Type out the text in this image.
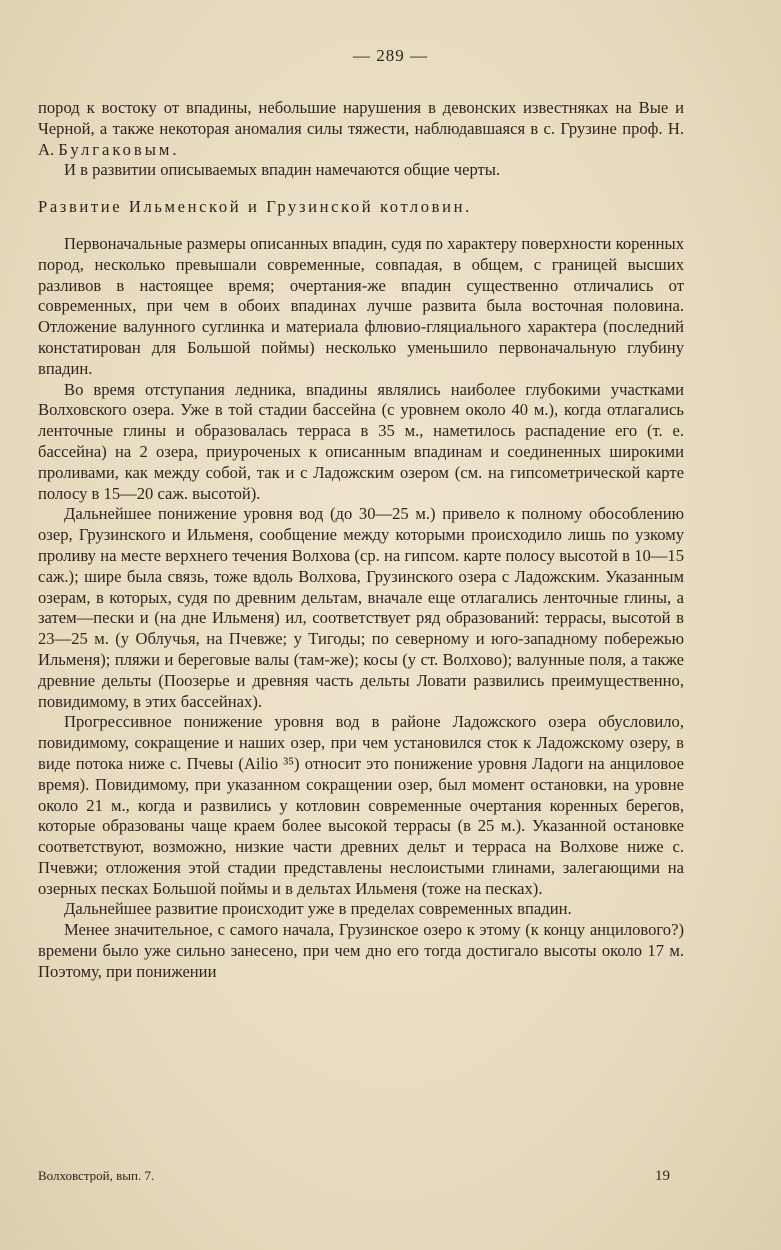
— 289 —

пород к востоку от впадины, небольшие нарушения в девонских известняках на Вые и Черной, а также некоторая аномалия силы тяжести, наблюдавшаяся в с. Грузине проф. Н. А. Булгаковым.

И в развитии описываемых впадин намечаются общие черты.

Развитие Ильменской и Грузинской котловин.

Первоначальные размеры описанных впадин, судя по характеру поверхности коренных пород, несколько превышали современные, совпадая, в общем, с границей высших разливов в настоящее время; очертания-же впадин существенно отличались от современных, при чем в обоих впадинах лучше развита была восточная половина. Отложение валунного суглинка и материала флювио-гляциального характера (последний констатирован для Большой поймы) несколько уменьшило первоначальную глубину впадин.

Во время отступания ледника, впадины являлись наиболее глубокими участками Волховского озера. Уже в той стадии бассейна (с уровнем около 40 м.), когда отлагались ленточные глины и образовалась терраса в 35 м., наметилось распадение его (т. е. бассейна) на 2 озера, приуроченых к описанным впадинам и соединенных широкими проливами, как между собой, так и с Ладожским озером (см. на гипсометрической карте полосу в 15—20 саж. высотой).

Дальнейшее понижение уровня вод (до 30—25 м.) привело к полному обособлению озер, Грузинского и Ильменя, сообщение между которыми происходило лишь по узкому проливу на месте верхнего течения Волхова (ср. на гипсом. карте полосу высотой в 10—15 саж.); шире была связь, тоже вдоль Волхова, Грузинского озера с Ладожским. Указанным озерам, в которых, судя по древним дельтам, вначале еще отлагались ленточные глины, а затем—пески и (на дне Ильменя) ил, соответствует ряд образований: террасы, высотой в 23—25 м. (у Облучья, на Пчевже; у Тигоды; по северному и юго-западному побережью Ильменя); пляжи и береговые валы (там-же); косы (у ст. Волхово); валунные поля, а также древние дельты (Поозерье и древняя часть дельты Ловати развились преимущественно, повидимому, в этих бассейнах).

Прогрессивное понижение уровня вод в районе Ладожского озера обусловило, повидимому, сокращение и наших озер, при чем установился сток к Ладожскому озеру, в виде потока ниже с. Пчевы (Ailio ³⁵) относит это понижение уровня Ладоги на анциловое время). Повидимому, при указанном сокращении озер, был момент остановки, на уровне около 21 м., когда и развились у котловин современные очертания коренных берегов, которые образованы чаще краем более высокой террасы (в 25 м.). Указанной остановке соответствуют, возможно, низкие части древних дельт и терраса на Волхове ниже с. Пчевжи; отложения этой стадии представлены неслоистыми глинами, залегающими на озерных песках Большой поймы и в дельтах Ильменя (тоже на песках).

Дальнейшее развитие происходит уже в пределах современных впадин.

Менее значительное, с самого начала, Грузинское озеро к этому (к концу анцилового?) времени было уже сильно занесено, при чем дно его тогда достигало высоты около 17 м. Поэтому, при понижении

Волховстрой, вып. 7.	19
